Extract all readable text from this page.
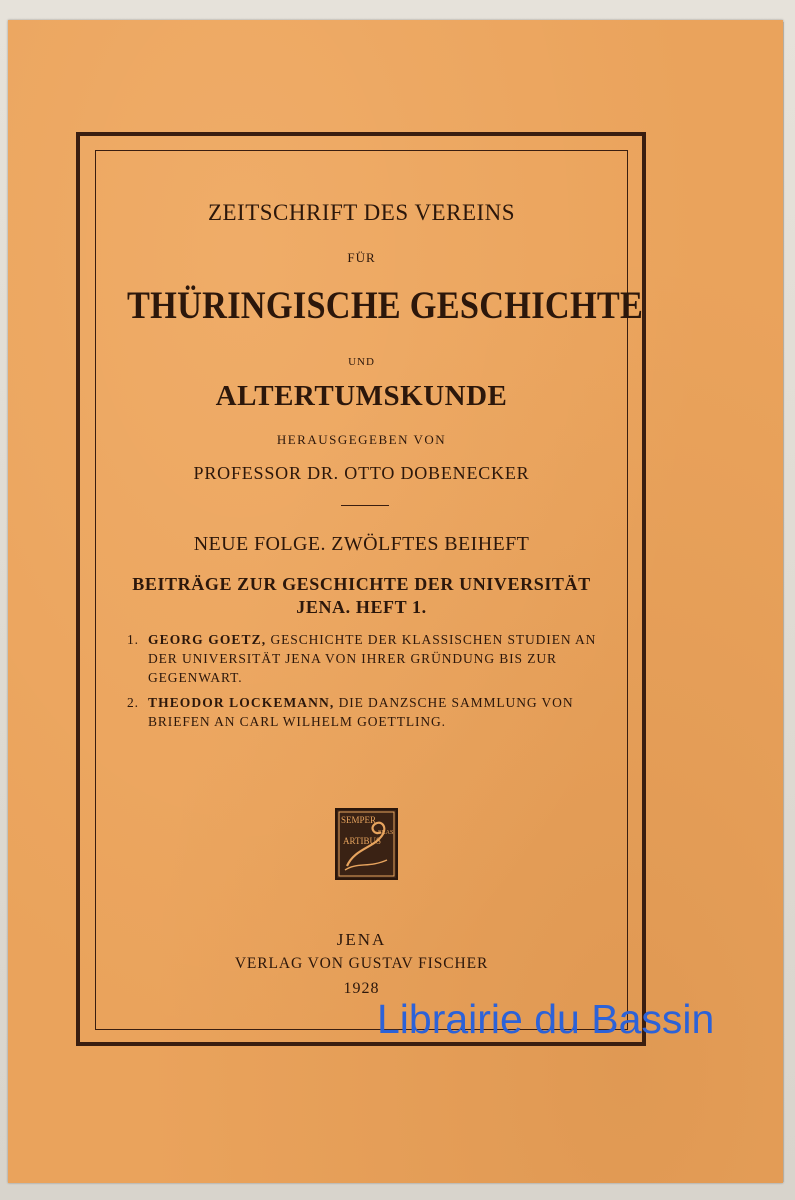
ZEITSCHRIFT DES VEREINS

FÜR

THÜRINGISCHE GESCHICHTE

UND

ALTERTUMSKUNDE

HERAUSGEGEBEN VON

PROFESSOR DR. OTTO DOBENECKER

NEUE FOLGE. ZWÖLFTES BEIHEFT

BEITRÄGE ZUR GESCHICHTE DER UNIVERSITÄT

JENA. HEFT 1.

1. GEORG GOETZ, GESCHICHTE DER KLASSISCHEN STUDIEN AN DER UNIVERSITÄT JENA VON IHRER GRÜNDUNG BIS ZUR GEGENWART.
2. THEODOR LOCKEMANN, DIE DANZSCHE SAMMLUNG VON BRIEFEN AN CARL WILHELM GOETTLING.
SEMPER
ERAS
ARTIBUS

JENA

VERLAG VON GUSTAV FISCHER

1928

Librairie du Bassin
